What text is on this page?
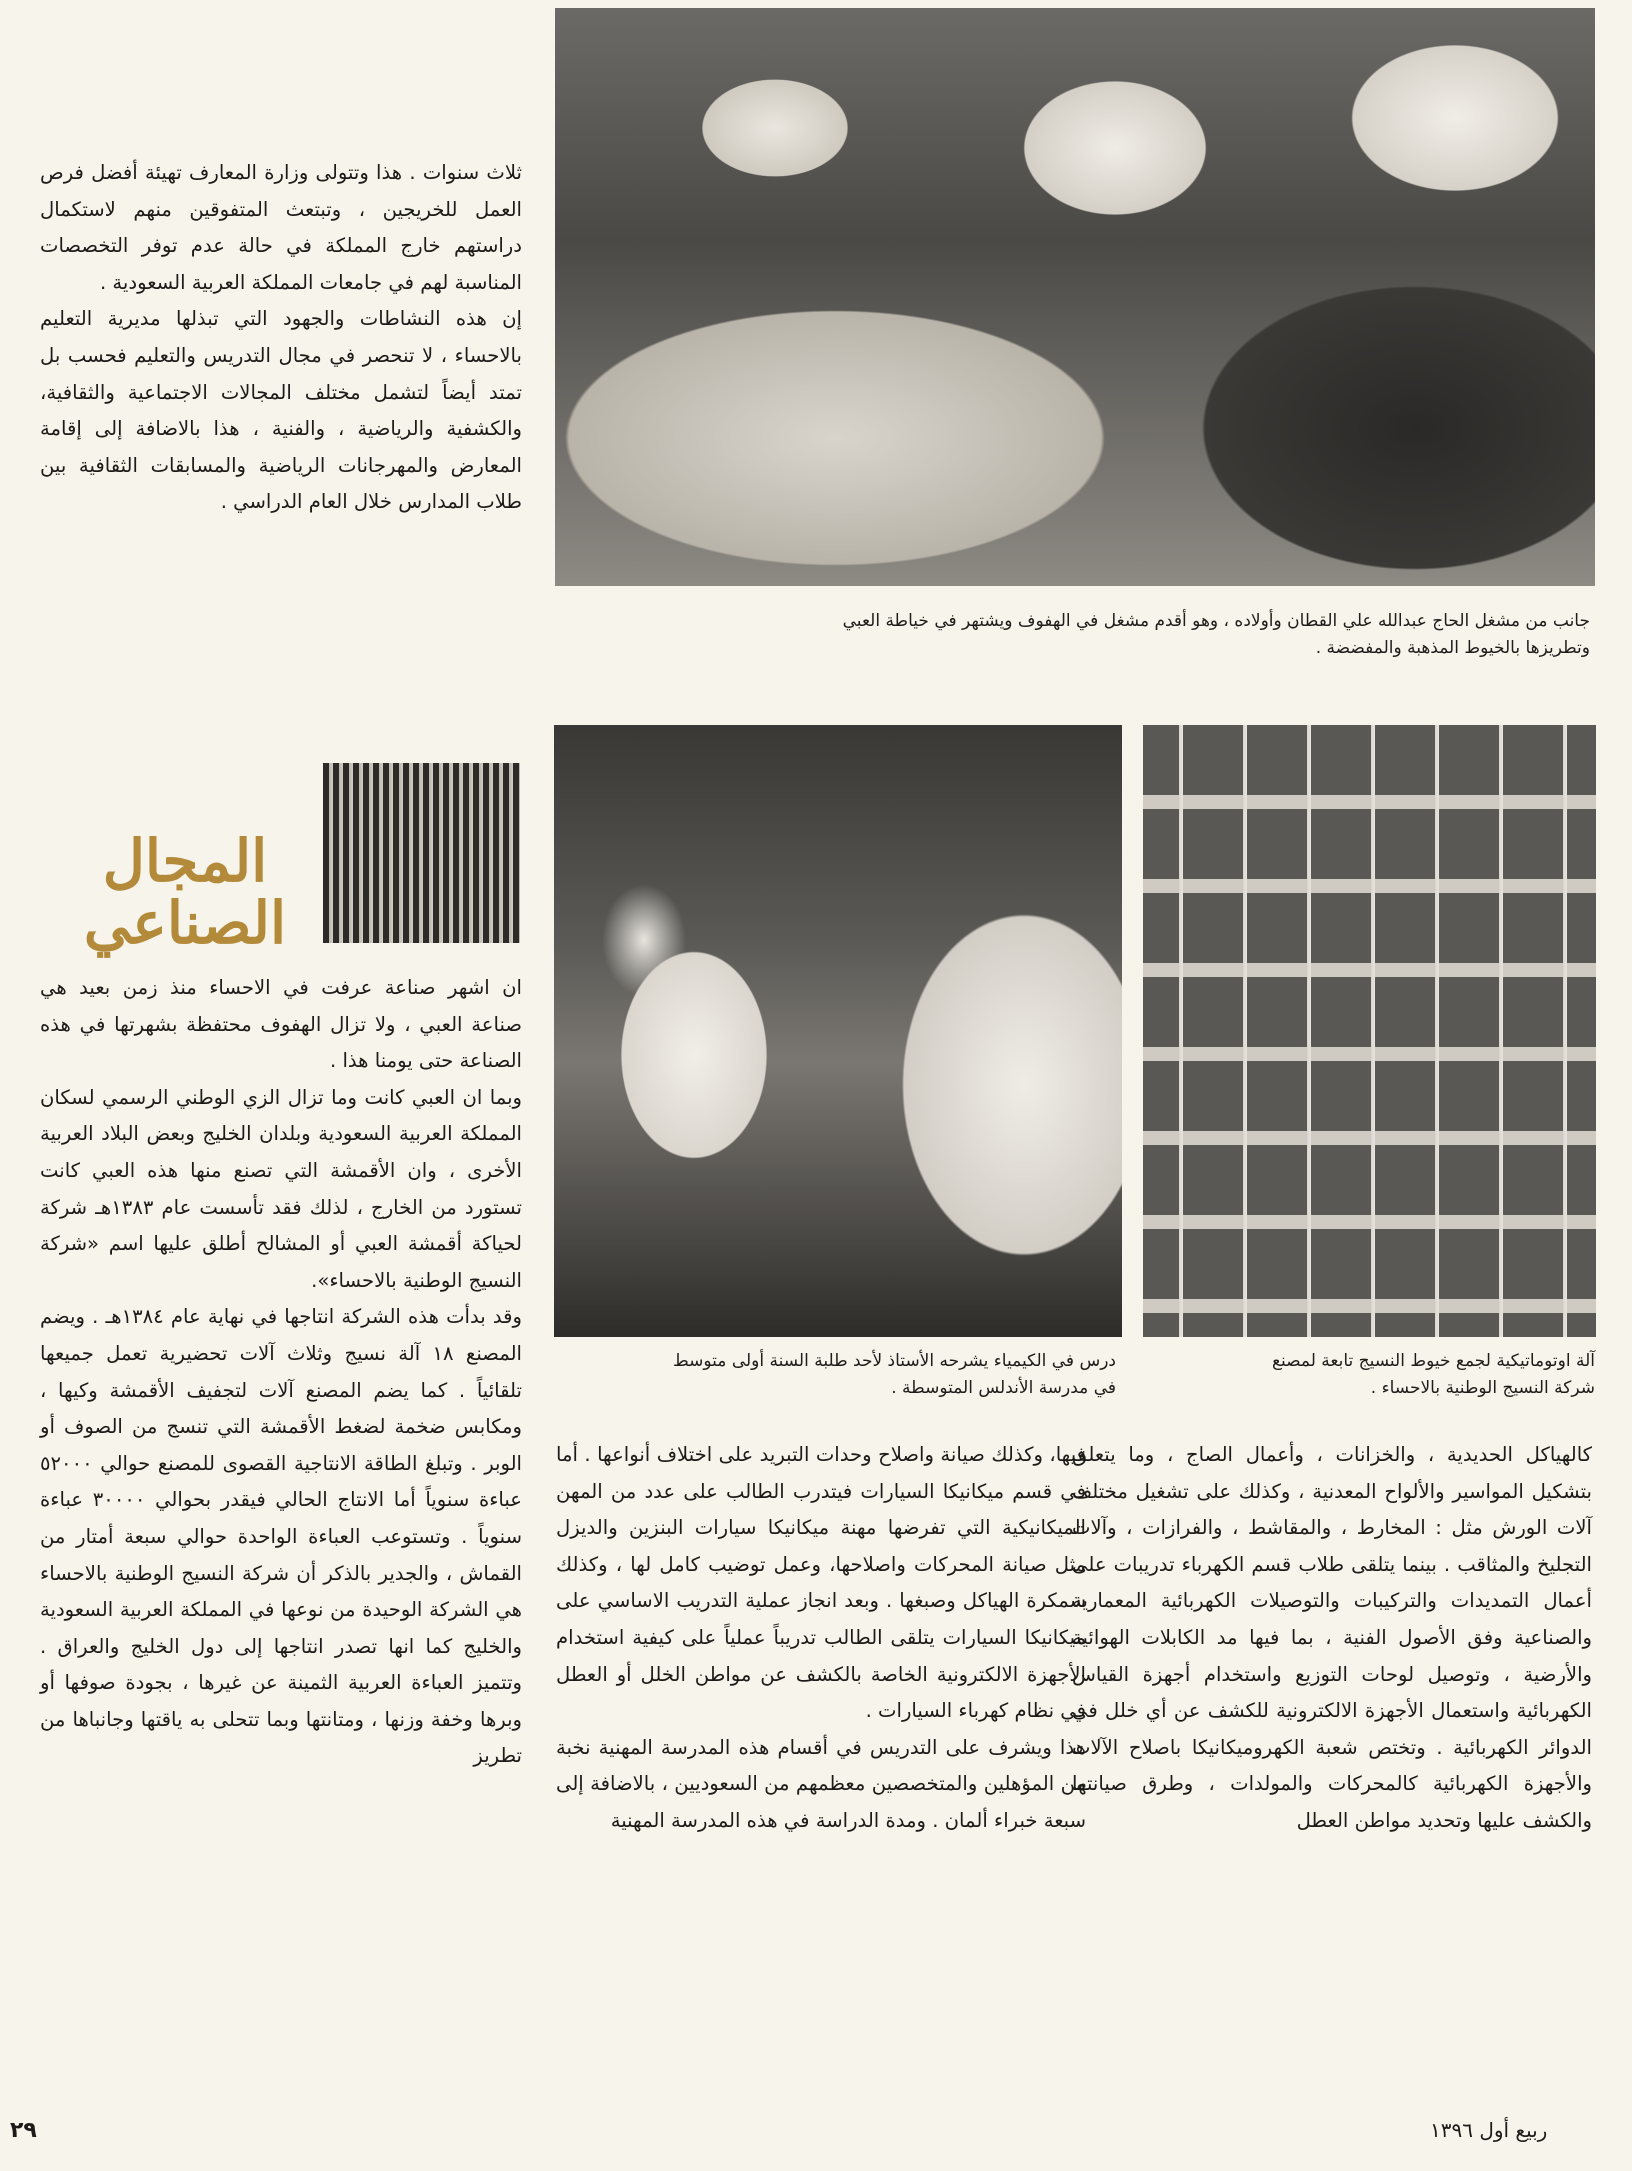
جانب من مشغل الحاج عبدالله علي القطان وأولاده ، وهو أقدم مشغل في الهفوف ويشتهر في خياطة العبي
وتطريزها بالخيوط المذهبة والمفضضة .
درس في الكيمياء يشرحه الأستاذ لأحد طلبة السنة أولى متوسط
في مدرسة الأندلس المتوسطة .
آلة اوتوماتيكية لجمع خيوط النسيج تابعة لمصنع
شركة النسيج الوطنية بالاحساء .

ثلاث سنوات . هذا وتتولى وزارة المعارف تهيئة أفضل فرص العمل للخريجين ، وتبتعث المتفوقين منهم لاستكمال دراستهم خارج المملكة في حالة عدم توفر التخصصات المناسبة لهم في جامعات المملكة العربية السعودية .

إن هذه النشاطات والجهود التي تبذلها مديرية التعليم بالاحساء ، لا تنحصر في مجال التدريس والتعليم فحسب بل تمتد أيضاً لتشمل مختلف المجالات الاجتماعية والثقافية، والكشفية والرياضية ، والفنية ، هذا بالاضافة إلى إقامة المعارض والمهرجانات الرياضية والمسابقات الثقافية بين طلاب المدارس خلال العام الدراسي .

المجال
الصناعي

ان اشهر صناعة عرفت في الاحساء منذ زمن بعيد هي صناعة العبي ، ولا تزال الهفوف محتفظة بشهرتها في هذه الصناعة حتى يومنا هذا .

وبما ان العبي كانت وما تزال الزي الوطني الرسمي لسكان المملكة العربية السعودية وبلدان الخليج وبعض البلاد العربية الأخرى ، وان الأقمشة التي تصنع منها هذه العبي كانت تستورد من الخارج ، لذلك فقد تأسست عام ١٣٨٣هـ شركة لحياكة أقمشة العبي أو المشالح أطلق عليها اسم «شركة النسيج الوطنية بالاحساء».

وقد بدأت هذه الشركة انتاجها في نهاية عام ١٣٨٤هـ . ويضم المصنع ١٨ آلة نسيج وثلاث آلات تحضيرية تعمل جميعها تلقائياً . كما يضم المصنع آلات لتجفيف الأقمشة وكيها ، ومكابس ضخمة لضغط الأقمشة التي تنسج من الصوف أو الوبر . وتبلغ الطاقة الانتاجية القصوى للمصنع حوالي ٥٢٠٠٠ عباءة سنوياً أما الانتاج الحالي فيقدر بحوالي ٣٠٠٠٠ عباءة سنوياً . وتستوعب العباءة الواحدة حوالي سبعة أمتار من القماش ، والجدير بالذكر أن شركة النسيج الوطنية بالاحساء هي الشركة الوحيدة من نوعها في المملكة العربية السعودية والخليج كما انها تصدر انتاجها إلى دول الخليج والعراق . وتتميز العباءة العربية الثمينة عن غيرها ، بجودة صوفها أو وبرها وخفة وزنها ، ومتانتها وبما تتحلى به ياقتها وجانباها من تطريز

فيها، وكذلك صيانة واصلاح وحدات التبريد على اختلاف أنواعها . أما في قسم ميكانيكا السيارات فيتدرب الطالب على عدد من المهن الميكانيكية التي تفرضها مهنة ميكانيكا سيارات البنزين والديزل مثل صيانة المحركات واصلاحها، وعمل توضيب كامل لها ، وكذلك سمكرة الهياكل وصبغها . وبعد انجاز عملية التدريب الاساسي على ميكانيكا السيارات يتلقى الطالب تدريباً عملياً على كيفية استخدام الأجهزة الالكترونية الخاصة بالكشف عن مواطن الخلل أو العطل في نظام كهرباء السيارات .

هذا ويشرف على التدريس في أقسام هذه المدرسة المهنية نخبة من المؤهلين والمتخصصين معظمهم من السعوديين ، بالاضافة إلى سبعة خبراء ألمان . ومدة الدراسة في هذه المدرسة المهنية

كالهياكل الحديدية ، والخزانات ، وأعمال الصاج ، وما يتعلق بتشكيل المواسير والألواح المعدنية ، وكذلك على تشغيل مختلف آلات الورش مثل : المخارط ، والمقاشط ، والفرازات ، وآلات التجليخ والمثاقب . بينما يتلقى طلاب قسم الكهرباء تدريبات على أعمال التمديدات والتركيبات والتوصيلات الكهربائية المعمارية والصناعية وفق الأصول الفنية ، بما فيها مد الكابلات الهوائية والأرضية ، وتوصيل لوحات التوزيع واستخدام أجهزة القياس الكهربائية واستعمال الأجهزة الالكترونية للكشف عن أي خلل في الدوائر الكهربائية . وتختص شعبة الكهروميكانيكا باصلاح الآلات والأجهزة الكهربائية كالمحركات والمولدات ، وطرق صيانتها والكشف عليها وتحديد مواطن العطل

٢٩	ربيع أول ١٣٩٦
